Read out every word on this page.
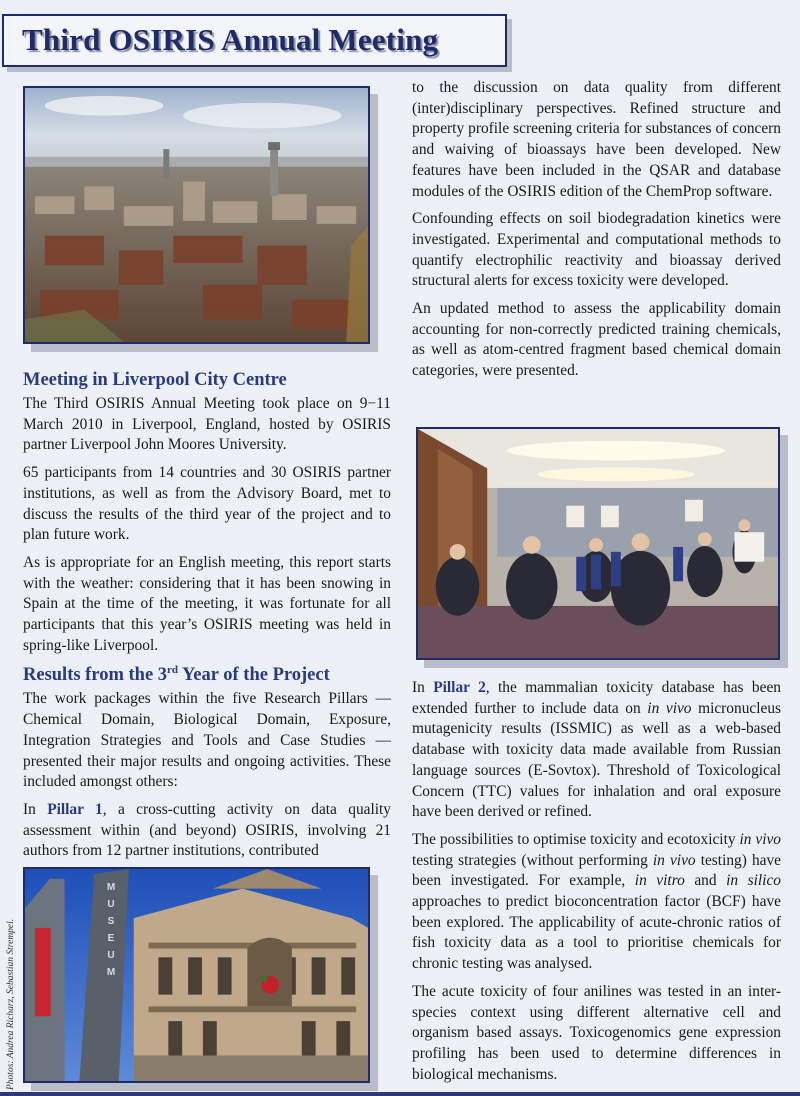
Third OSIRIS Annual Meeting
Meeting in Liverpool City Centre

The Third OSIRIS Annual Meeting took place on 9−11 March 2010 in Liverpool, England, hosted by OSIRIS partner Liverpool John Moores University.

65 participants from 14 countries and 30 OSIRIS partner institutions, as well as from the Advisory Board, met to discuss the results of the third year of the project and to plan future work.

As is appropriate for an English meeting, this report starts with the weather: considering that it has been snowing in Spain at the time of the meeting, it was fortunate for all participants that this year’s OSIRIS meeting was held in spring-like Liverpool.

Results from the 3rd Year of the Project

The work packages within the five Research Pillars — Chemical Domain, Biological Domain, Exposure, Integration Strategies and Tools and Case Studies — presented their major results and ongoing activities. These included amongst others:

In Pillar 1, a cross-cutting activity on data quality assessment within (and beyond) OSIRIS, involving 21 authors from 12 partner institutions, contributed

M
U
S
E
U
M
Photos: Andrea Richarz, Sebastian Strempel.

to the discussion on data quality from different (inter)disciplinary perspectives. Refined structure and property profile screening criteria for substances of concern and waiving of bioassays have been developed. New features have been included in the QSAR and database modules of the OSIRIS edition of the ChemProp software.

Confounding effects on soil biodegradation kinetics were investigated. Experimental and computational methods to quantify electrophilic reactivity and bioassay derived structural alerts for excess toxicity were developed.

An updated method to assess the applicability domain accounting for non-correctly predicted training chemicals, as well as atom-centred fragment based chemical domain categories, were presented.

In Pillar 2, the mammalian toxicity database has been extended further to include data on in vivo micronucleus mutagenicity results (ISSMIC) as well as a web-based database with toxicity data made available from Russian language sources (E-Sovtox). Threshold of Toxicological Concern (TTC) values for inhalation and oral exposure have been derived or refined.

The possibilities to optimise toxicity and ecotoxicity in vivo testing strategies (without performing in vivo testing) have been investigated. For example, in vitro and in silico approaches to predict bioconcentration factor (BCF) have been explored. The applicability of acute-chronic ratios of fish toxicity data as a tool to prioritise chemicals for chronic testing was analysed.

The acute toxicity of four anilines was tested in an inter-species context using different alternative cell and organism based assays. Toxicogenomics gene expression profiling has been used to determine differences in biological mechanisms.
